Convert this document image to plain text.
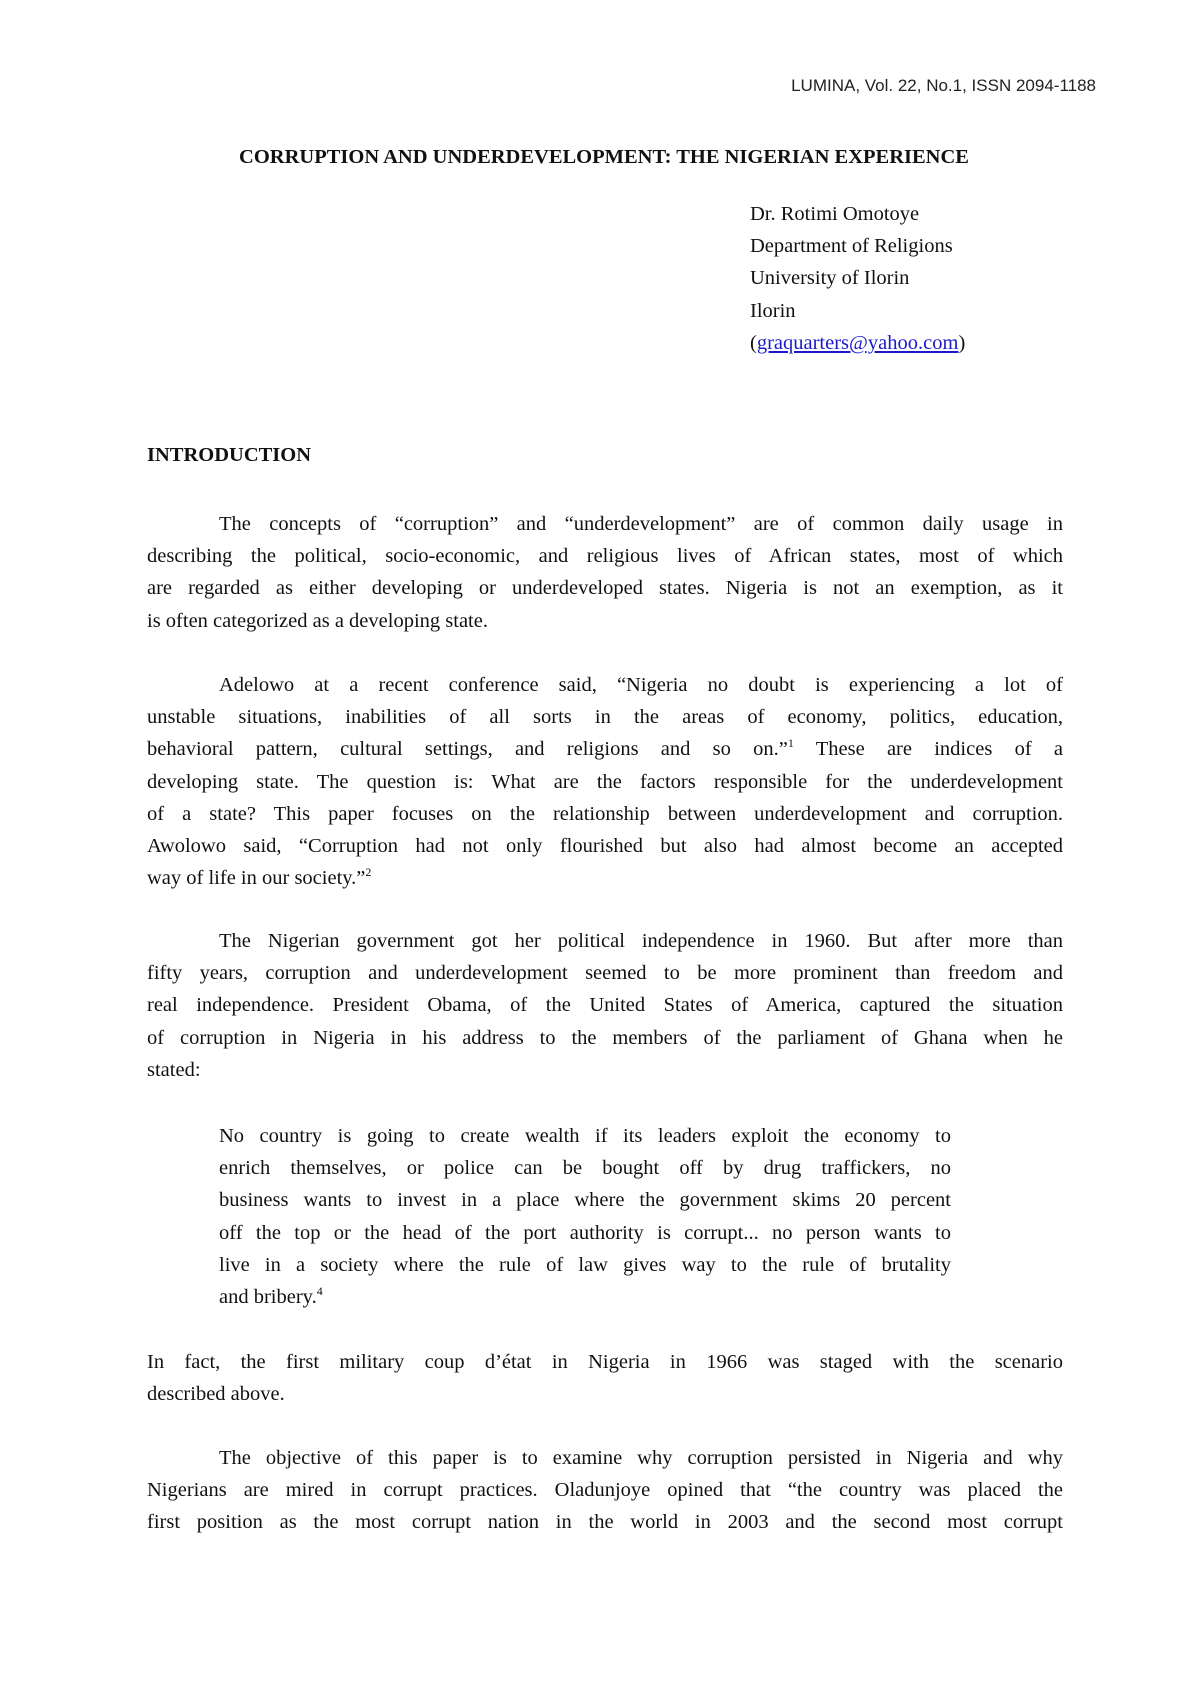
LUMINA, Vol. 22, No.1, ISSN 2094-1188
CORRUPTION AND UNDERDEVELOPMENT: THE NIGERIAN EXPERIENCE
Dr. Rotimi Omotoye
Department of Religions
University of Ilorin
Ilorin
(graquarters@yahoo.com)
INTRODUCTION
The concepts of “corruption” and “underdevelopment” are of common daily usage in
describing the political, socio-economic, and religious lives of African states, most of which
are regarded as either developing or underdeveloped states. Nigeria is not an exemption, as it
is often categorized as a developing state.
Adelowo at a recent conference said, “Nigeria no doubt is experiencing a lot of
unstable situations, inabilities of all sorts in the areas of economy, politics, education,
behavioral pattern, cultural settings, and religions and so on.”$^1$ These are indices of a
developing state. The question is: What are the factors responsible for the underdevelopment
of a state? This paper focuses on the relationship between underdevelopment and corruption.
Awolowo said, “Corruption had not only flourished but also had almost become an accepted
way of life in our society.”$^2$
The Nigerian government got her political independence in 1960. But after more than
fifty years, corruption and underdevelopment seemed to be more prominent than freedom and
real independence. President Obama, of the United States of America, captured the situation
of corruption in Nigeria in his address to the members of the parliament of Ghana when he
stated:
No country is going to create wealth if its leaders exploit the economy to
enrich themselves, or police can be bought off by drug traffickers, no
business wants to invest in a place where the government skims 20 percent
off the top or the head of the port authority is corrupt... no person wants to
live in a society where the rule of law gives way to the rule of brutality
and bribery.$^4$
In fact, the first military coup d’état in Nigeria in 1966 was staged with the scenario
described above.
The objective of this paper is to examine why corruption persisted in Nigeria and why
Nigerians are mired in corrupt practices. Oladunjoye opined that “the country was placed the
first position as the most corrupt nation in the world in 2003 and the second most corrupt
